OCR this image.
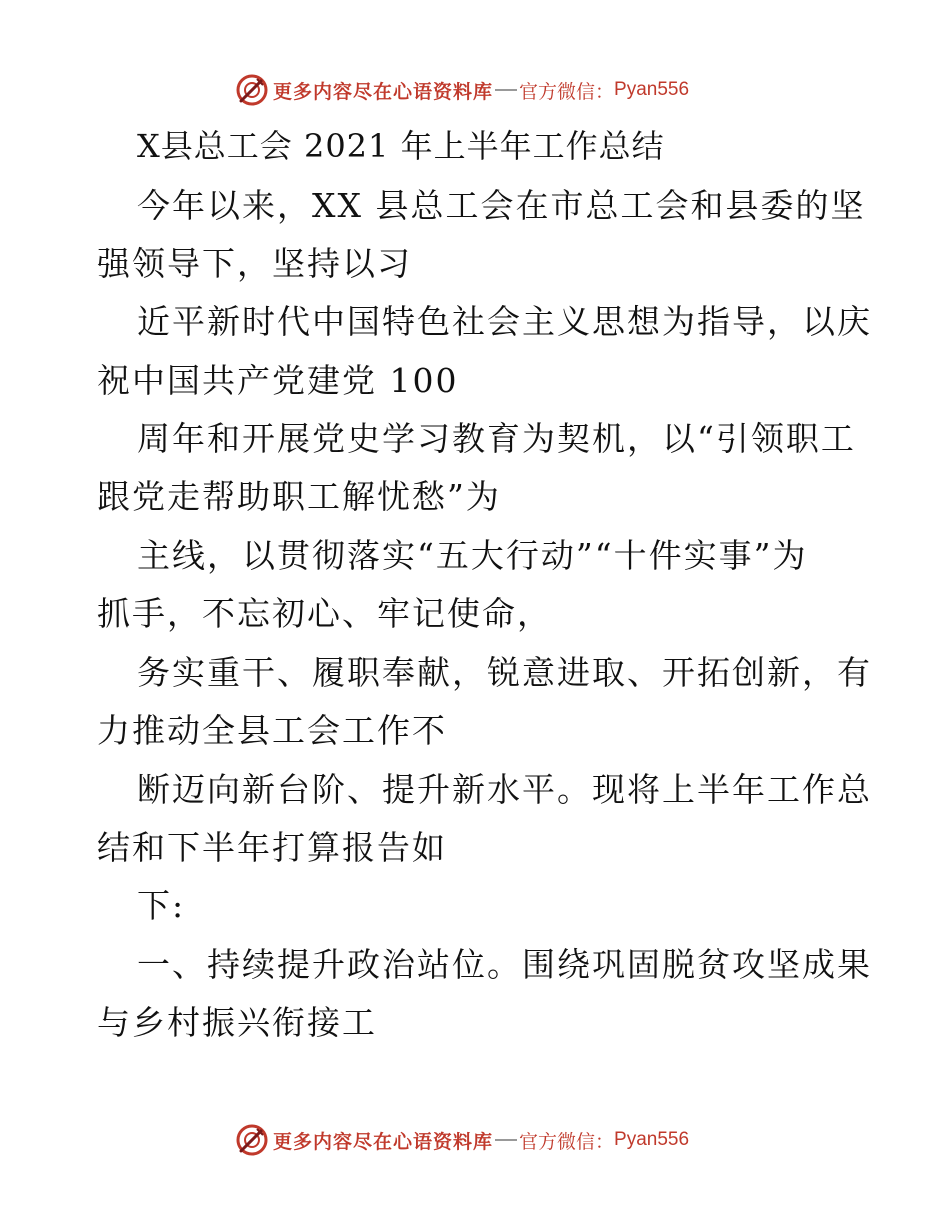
更多内容尽在心语资料库 官方微信： Pyan556
X县总工会 2021 年上半年工作总结
今年以来，XX 县总工会在市总工会和县委的坚
强领导下，坚持以习
近平新时代中国特色社会主义思想为指导，以庆
祝中国共产党建党 100
周年和开展党史学习教育为契机，以“引领职工
跟党走帮助职工解忧愁”为
主线，以贯彻落实“五大行动”“十件实事”为
抓手，不忘初心、牢记使命，
务实重干、履职奉献，锐意进取、开拓创新，有
力推动全县工会工作不
断迈向新台阶、提升新水平。现将上半年工作总
结和下半年打算报告如
下:
一、持续提升政治站位。围绕巩固脱贫攻坚成果
与乡村振兴衔接工
更多内容尽在心语资料库 官方微信： Pyan556
